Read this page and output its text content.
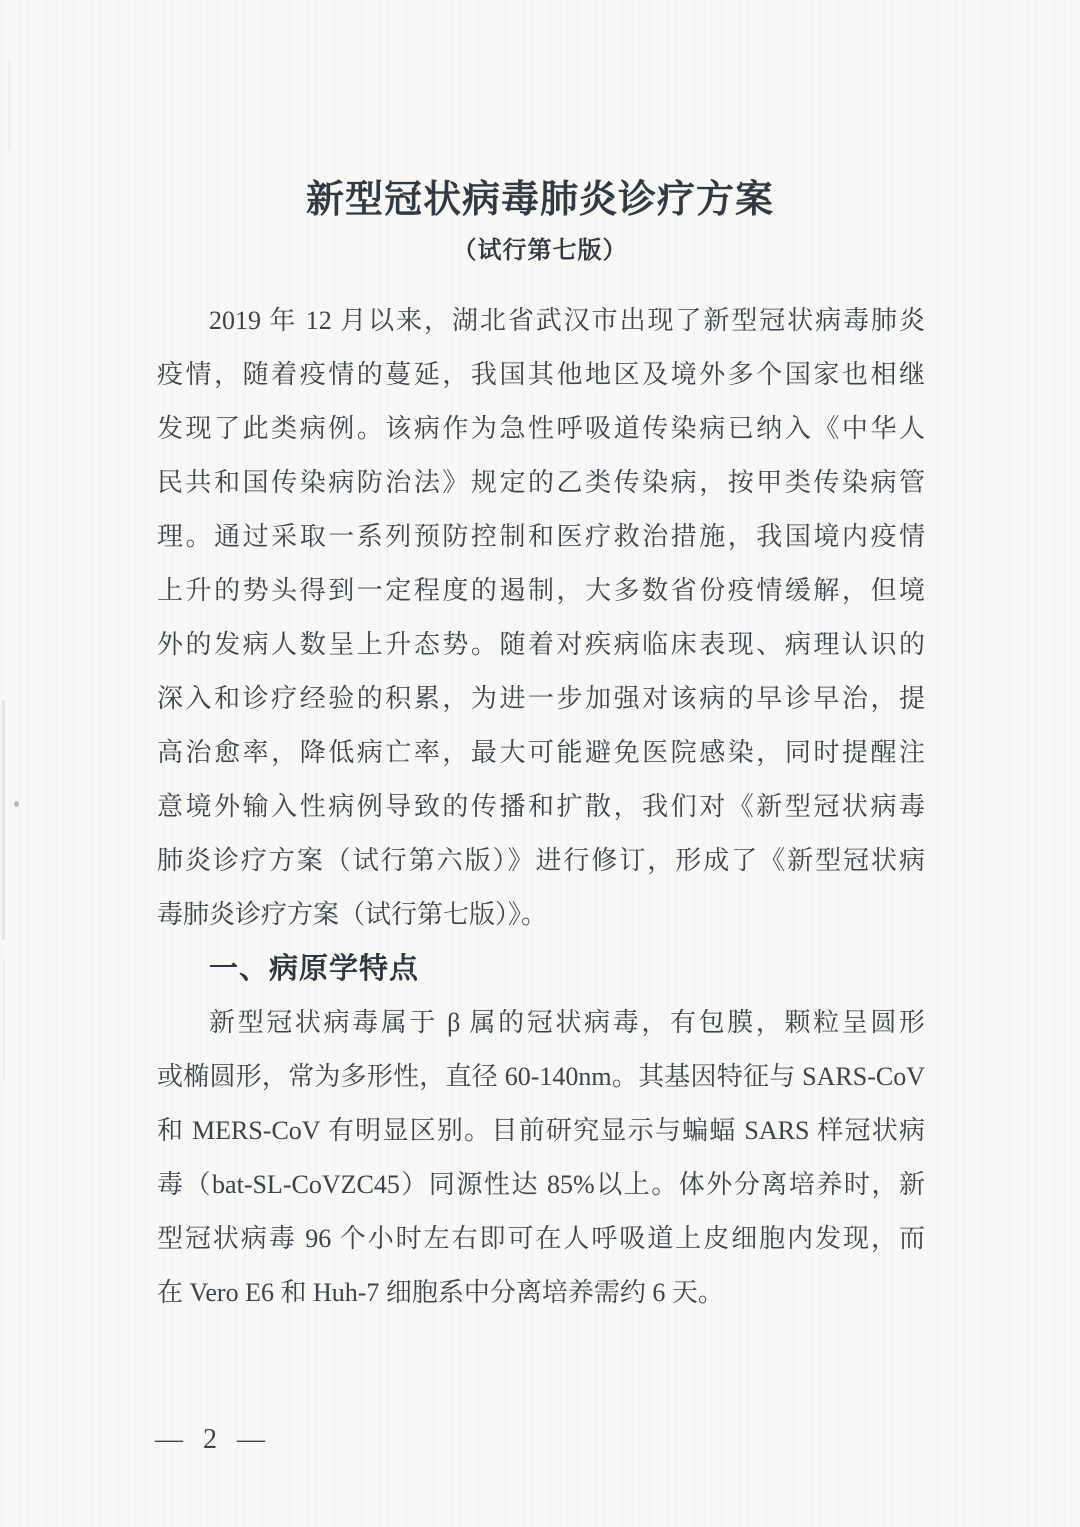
新型冠状病毒肺炎诊疗方案
（试行第七版）
2019 年 12 月以来，湖北省武汉市出现了新型冠状病毒肺炎
疫情，随着疫情的蔓延，我国其他地区及境外多个国家也相继
发现了此类病例。该病作为急性呼吸道传染病已纳入《中华人
民共和国传染病防治法》规定的乙类传染病，按甲类传染病管
理。通过采取一系列预防控制和医疗救治措施，我国境内疫情
上升的势头得到一定程度的遏制，大多数省份疫情缓解，但境
外的发病人数呈上升态势。随着对疾病临床表现、病理认识的
深入和诊疗经验的积累，为进一步加强对该病的早诊早治，提
高治愈率，降低病亡率，最大可能避免医院感染，同时提醒注
意境外输入性病例导致的传播和扩散，我们对《新型冠状病毒
肺炎诊疗方案（试行第六版）》进行修订，形成了《新型冠状病
毒肺炎诊疗方案（试行第七版）》。
一、病原学特点
新型冠状病毒属于 β 属的冠状病毒，有包膜，颗粒呈圆形
或椭圆形，常为多形性，直径 60-140nm。其基因特征与 SARS-CoV
和 MERS-CoV 有明显区别。目前研究显示与蝙蝠 SARS 样冠状病
毒（bat-SL-CoVZC45）同源性达 85%以上。体外分离培养时，新
型冠状病毒 96 个小时左右即可在人呼吸道上皮细胞内发现，而
在 Vero E6 和 Huh-7 细胞系中分离培养需约 6 天。
— 2 —
